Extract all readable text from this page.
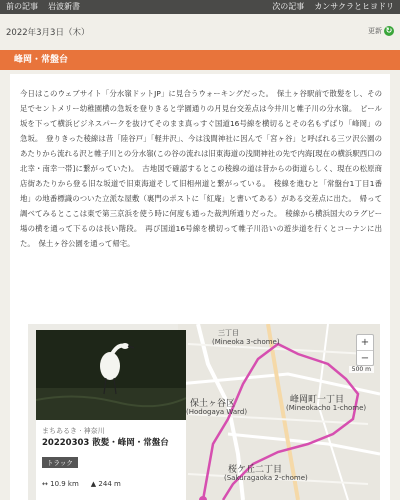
前の記事 岩波新書	次の記事 カンサクラとヒヨドリ
2022年3月3日（木）	更新 ↻
峰岡・常盤台

今日はこのウェブサイト「分水嶺ドットJP」に見合うウォーキングだった。　保土ヶ谷駅前で散髪をし、その足でセントメリー幼稚園横の急坂を登りきると学園通りの月見台交差点は今井川と帷子川の分水嶺。　ピール坂を下って横浜ビジネスパークを抜けてそのまま真っすぐ国道16号線を横切るとその名もずばり「峰岡」の急坂。　登りきった稜線は昔「陸谷戸」「軽井沢」、今は浅間神社に因んで「宮ヶ谷」と呼ばれる三ツ沢公園のあたりから流れる沢と帷子川との分水嶺(この谷の流れは旧東海道の浅間神社の先で内海[現在の横浜駅西口の北幸・南幸一帯]に繋がっていた)。　古地図で確認するとこの稜線の道は昔からの街道らしく、現在の松原商店街あたりから登る旧な坂道で旧東海道そして旧相州道と繋がっている。　稜線を進むと「常盤台1丁目1番地」の地番標識のついた立派な屋敷（裏門のポストに「紅庵」と書いてある）がある交差点に出た。　帰って調べてみるとここは東で第三京浜を使う時に何度も通った裁判所通りだった。　稜線から横浜国大のラグビー場の横を通って下るのは長い階段。　再び国道16号線を横切って帷子川沿いの遊歩道を行くとコーナンに出た。　保土ヶ谷公園を通って帰宅。

三丁目
(Mineoka 3-chome)
峰岡町一丁目
(Mineokacho 1-chome)
保土ヶ谷区
(Hodogaya Ward)
桜ケ丘二丁目
(Sakuragaoka 2-chome)
+
−
500 m
まちあるき · 神奈川
20220303 散髪・峰岡・常盤台
トラック
↔ 10.9 km ▲ 244 m
